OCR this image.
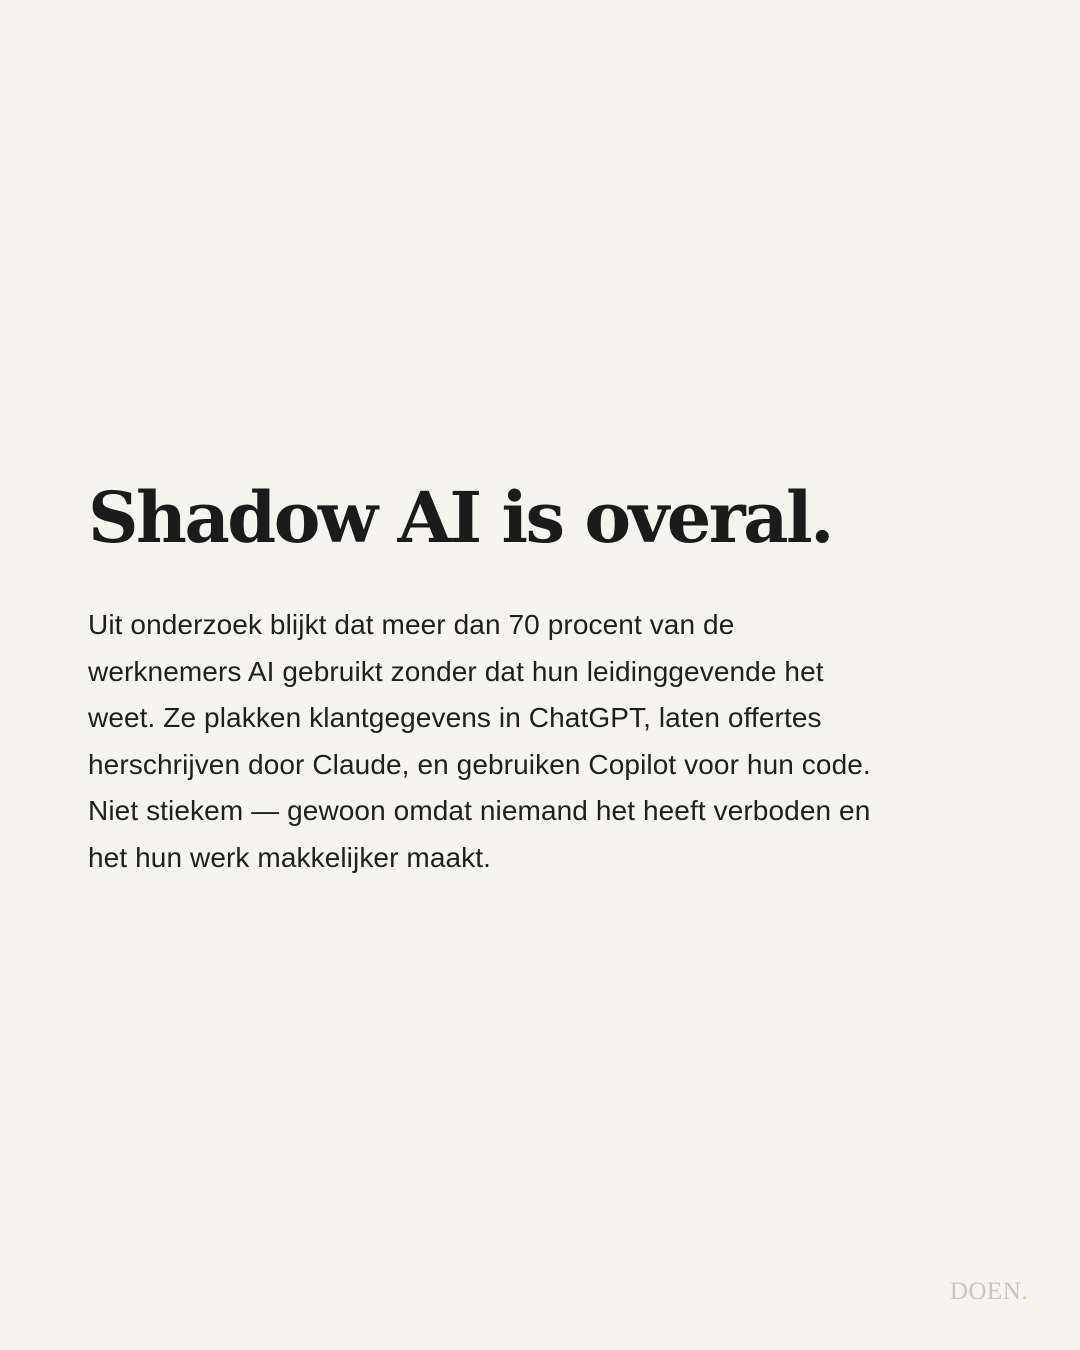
Shadow AI is overal.

Uit onderzoek blijkt dat meer dan 70 procent van de
werknemers AI gebruikt zonder dat hun leidinggevende het
weet. Ze plakken klantgegevens in ChatGPT, laten offertes
herschrijven door Claude, en gebruiken Copilot voor hun code.
Niet stiekem — gewoon omdat niemand het heeft verboden en
het hun werk makkelijker maakt.

DOEN.
